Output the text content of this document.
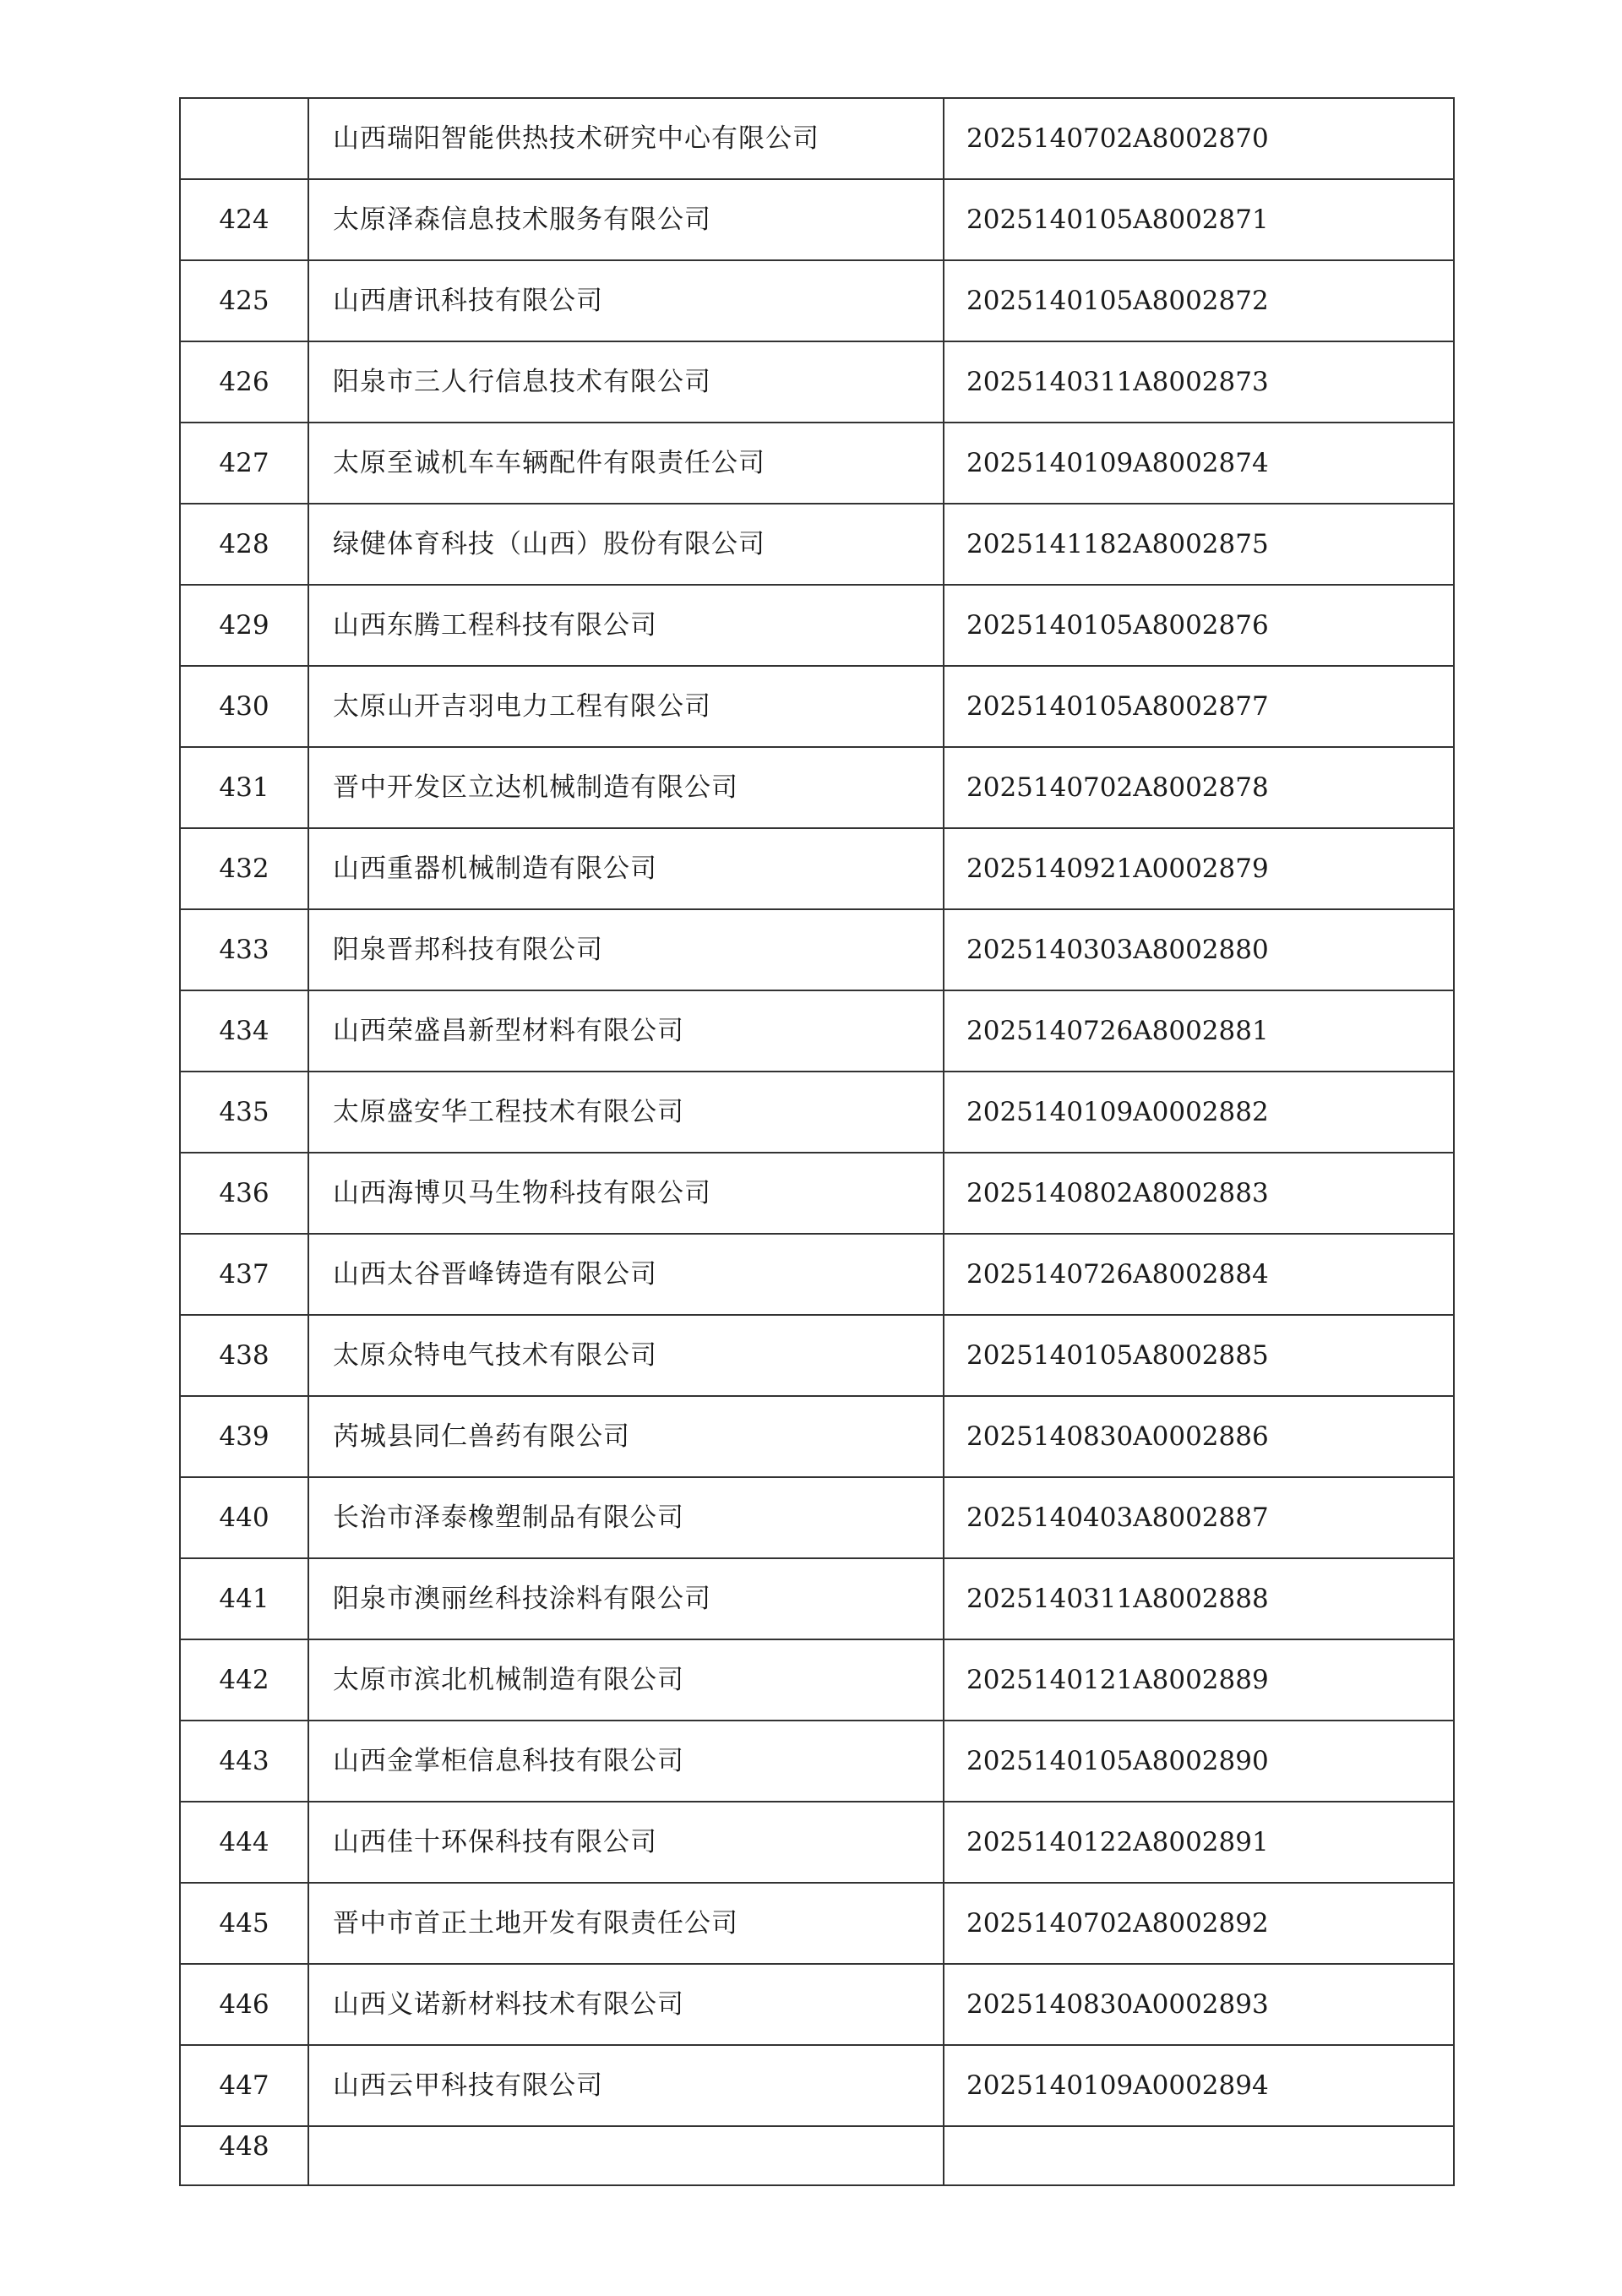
	山西瑞阳智能供热技术研究中心有限公司	2025140702A8002870
424	太原泽森信息技术服务有限公司	2025140105A8002871
425	山西唐讯科技有限公司	2025140105A8002872
426	阳泉市三人行信息技术有限公司	2025140311A8002873
427	太原至诚机车车辆配件有限责任公司	2025140109A8002874
428	绿健体育科技（山西）股份有限公司	2025141182A8002875
429	山西东腾工程科技有限公司	2025140105A8002876
430	太原山开吉羽电力工程有限公司	2025140105A8002877
431	晋中开发区立达机械制造有限公司	2025140702A8002878
432	山西重器机械制造有限公司	2025140921A0002879
433	阳泉晋邦科技有限公司	2025140303A8002880
434	山西荣盛昌新型材料有限公司	2025140726A8002881
435	太原盛安华工程技术有限公司	2025140109A0002882
436	山西海博贝马生物科技有限公司	2025140802A8002883
437	山西太谷晋峰铸造有限公司	2025140726A8002884
438	太原众特电气技术有限公司	2025140105A8002885
439	芮城县同仁兽药有限公司	2025140830A0002886
440	长治市泽泰橡塑制品有限公司	2025140403A8002887
441	阳泉市澳丽丝科技涂料有限公司	2025140311A8002888
442	太原市滨北机械制造有限公司	2025140121A8002889
443	山西金掌柜信息科技有限公司	2025140105A8002890
444	山西佳十环保科技有限公司	2025140122A8002891
445	晋中市首正土地开发有限责任公司	2025140702A8002892
446	山西义诺新材料技术有限公司	2025140830A0002893
447	山西云甲科技有限公司	2025140109A0002894
448		
